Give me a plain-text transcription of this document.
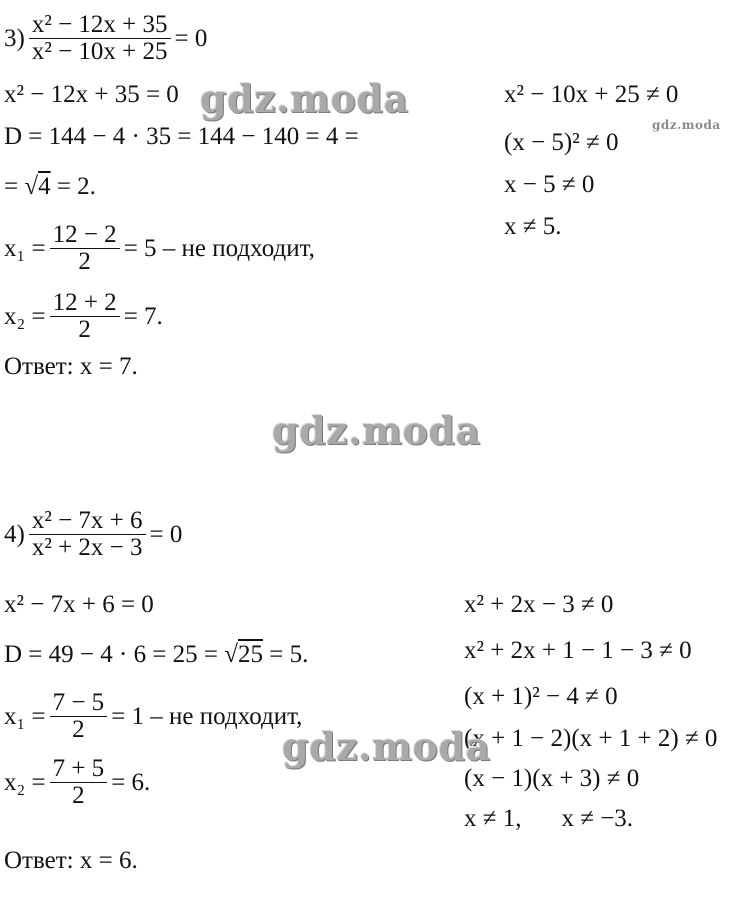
$3) \frac{\text{x² − 12x + 35}}{\text{x² − 10x + 25}} = 0$
x² − 12x + 35 = 0
D = 144 − 4 · 35 = 144 − 140 = 4 =
= √4 = 2.
$x_1 = \frac{12 - 2}{2} = 5$ – не подходит,
$x_2 = \frac{12 + 2}{2} = 7$.
Ответ: x = 7.
x² − 10x + 25 ≠ 0
(x − 5)² ≠ 0
x − 5 ≠ 0
x ≠ 5.
$4) \frac{\text{x² − 7x + 6}}{\text{x² + 2x − 3}} = 0$
x² − 7x + 6 = 0
D = 49 − 4 · 6 = 25 = √25 = 5.
$x_1 = \frac{7 - 5}{2} = 1$ – не подходит,
$x_2 = \frac{7 + 5}{2} = 6$.
Ответ: x = 6.
x² + 2x − 3 ≠ 0
x² + 2x + 1 − 1 − 3 ≠ 0
(x + 1)² − 4 ≠ 0
(x + 1 − 2)(x + 1 + 2) ≠ 0
(x − 1)(x + 3) ≠ 0
x ≠ 1, x ≠ −3.
gdz.moda
gdz.moda
gdz.moda
gdz.moda
